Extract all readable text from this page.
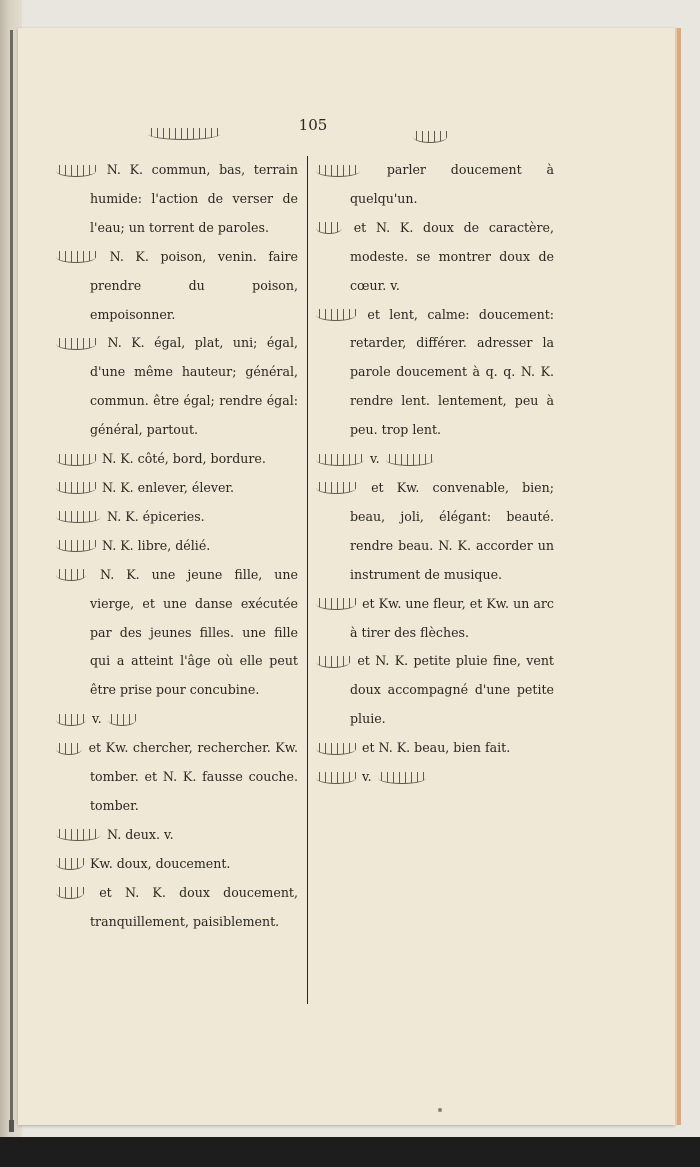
105

N. K. commun, bas, terrain humide: l'action de verser de l'eau; un torrent de paroles.

N. K. poison, venin. faire prendre du poison, empoisonner.

N. K. égal, plat, uni; égal, d'une même hauteur; général, commun. être égal; rendre égal: général, partout.

N. K. côté, bord, bordure.

N. K. enlever, élever.

N. K. épiceries.

N. K. libre, délié.

N. K. une jeune fille, une vierge, et une danse exécutée par des jeunes filles. une fille qui a atteint l'âge où elle peut être prise pour concubine.

v.

et Kw. chercher, rechercher. Kw. tomber. et N. K. fausse couche. tomber.

N. deux. v.

Kw. doux, doucement.

et N. K. doux doucement, tranquillement, paisiblement.

parler doucement à quelqu'un.

et N. K. doux de caractère, modeste. se montrer doux de cœur. v.

et lent, calme: doucement: retarder, différer. adresser la parole doucement à q. q. N. K. rendre lent. lentement, peu à peu. trop lent.

v.

et Kw. convenable, bien; beau, joli, élégant: beauté. rendre beau. N. K. accorder un instrument de musique.

et Kw. une fleur, et Kw. un arc à tirer des flèches.

et N. K. petite pluie fine, vent doux accompagné d'une petite pluie.

et N. K. beau, bien fait.

v.
